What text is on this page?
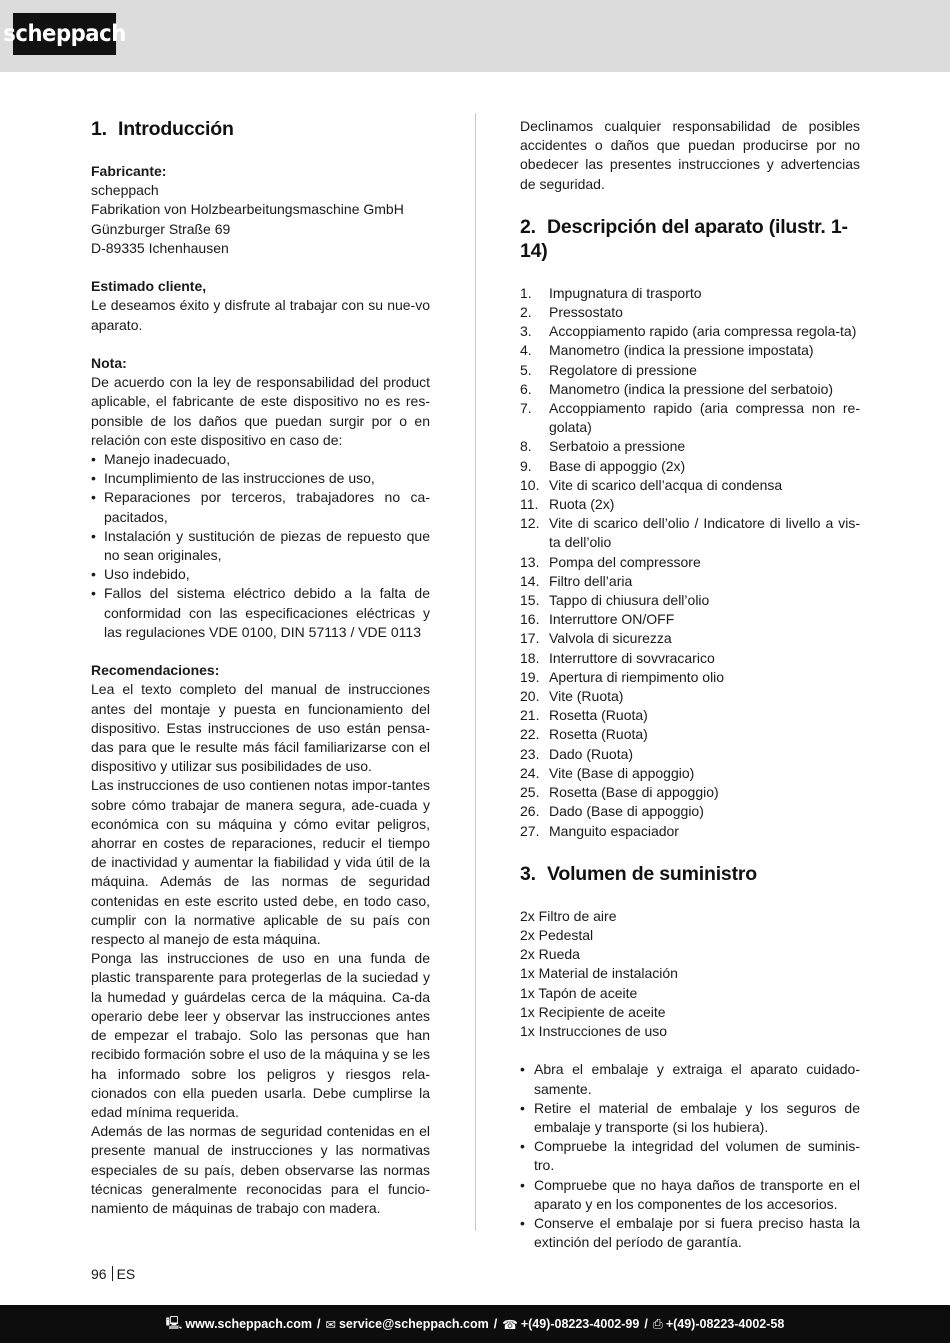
scheppach
1. Introducción
Fabricante:
scheppach
Fabrikation von Holzbearbeitungsmaschine GmbH
Günzburger Straße 69
D-89335 Ichenhausen
Estimado cliente,
Le deseamos éxito y disfrute al trabajar con su nue-vo aparato.
Nota:
De acuerdo con la ley de responsabilidad del product aplicable, el fabricante de este dispositivo no es res-ponsible de los daños que puedan surgir por o en relación con este dispositivo en caso de:
• Manejo inadecuado,
• Incumplimiento de las instrucciones de uso,
• Reparaciones por terceros, trabajadores no ca-pacitados,
• Instalación y sustitución de piezas de repuesto que no sean originales,
• Uso indebido,
• Fallos del sistema eléctrico debido a la falta de conformidad con las especificaciones eléctricas y las regulaciones VDE 0100, DIN 57113 / VDE 0113
Recomendaciones:
Lea el texto completo del manual de instrucciones antes del montaje y puesta en funcionamiento del dispositivo. Estas instrucciones de uso están pensa-das para que le resulte más fácil familiarizarse con el dispositivo y utilizar sus posibilidades de uso.
Las instrucciones de uso contienen notas impor-tantes sobre cómo trabajar de manera segura, ade-cuada y económica con su máquina y cómo evitar peligros, ahorrar en costes de reparaciones, reducir el tiempo de inactividad y aumentar la fiabilidad y vida útil de la máquina. Además de las normas de seguridad contenidas en este escrito usted debe, en todo caso, cumplir con la normative aplicable de su país con respecto al manejo de esta máquina.
Ponga las instrucciones de uso en una funda de plastic transparente para protegerlas de la suciedad y la humedad y guárdelas cerca de la máquina. Ca-da operario debe leer y observar las instrucciones antes de empezar el trabajo. Solo las personas que han recibido formación sobre el uso de la máquina y se les ha informado sobre los peligros y riesgos rela-cionados con ella pueden usarla. Debe cumplirse la edad mínima requerida.
Además de las normas de seguridad contenidas en el presente manual de instrucciones y las normativas especiales de su país, deben observarse las normas técnicas generalmente reconocidas para el funcio-namiento de máquinas de trabajo con madera.
Declinamos cualquier responsabilidad de posibles accidentes o daños que puedan producirse por no obedecer las presentes instrucciones y advertencias de seguridad.
2. Descripción del aparato (ilustr. 1-14)
1.	Impugnatura di trasporto
2.	Pressostato
3.	Accoppiamento rapido (aria compressa regola-ta)
4.	Manometro (indica la pressione impostata)
5.	Regolatore di pressione
6.	Manometro (indica la pressione del serbatoio)
7.	Accoppiamento rapido (aria compressa non re-golata)
8.	Serbatoio a pressione
9.	Base di appoggio (2x)
10. Vite di scarico dell’acqua di condensa
11. Ruota (2x)
12. Vite di scarico dell’olio / Indicatore di livello a vis-ta dell’olio
13. Pompa del compressore
14. Filtro dell’aria
15. Tappo di chiusura dell’olio
16. Interruttore ON/OFF
17. Valvola di sicurezza
18. Interruttore di sovvracarico
19. Apertura di riempimento olio
20. Vite (Ruota)
21. Rosetta (Ruota)
22. Rosetta (Ruota)
23. Dado (Ruota)
24. Vite (Base di appoggio)
25. Rosetta (Base di appoggio)
26. Dado (Base di appoggio)
27. Manguito espaciador
3. Volumen de suministro
2x Filtro de aire
2x Pedestal
2x Rueda
1x Material de instalación
1x Tapón de aceite
1x Recipiente de aceite
1x Instrucciones de uso
• Abra el embalaje y extraiga el aparato cuidado-samente.
• Retire el material de embalaje y los seguros de embalaje y transporte (si los hubiera).
• Compruebe la integridad del volumen de suminis-tro.
• Compruebe que no haya daños de transporte en el aparato y en los componentes de los accesorios.
• Conserve el embalaje por si fuera preciso hasta la extinción del período de garantía.
96 ES
🖳 www.scheppach.com / ✉ service@scheppach.com / ☎ +(49)-08223-4002-99 / ⎙ +(49)-08223-4002-58
